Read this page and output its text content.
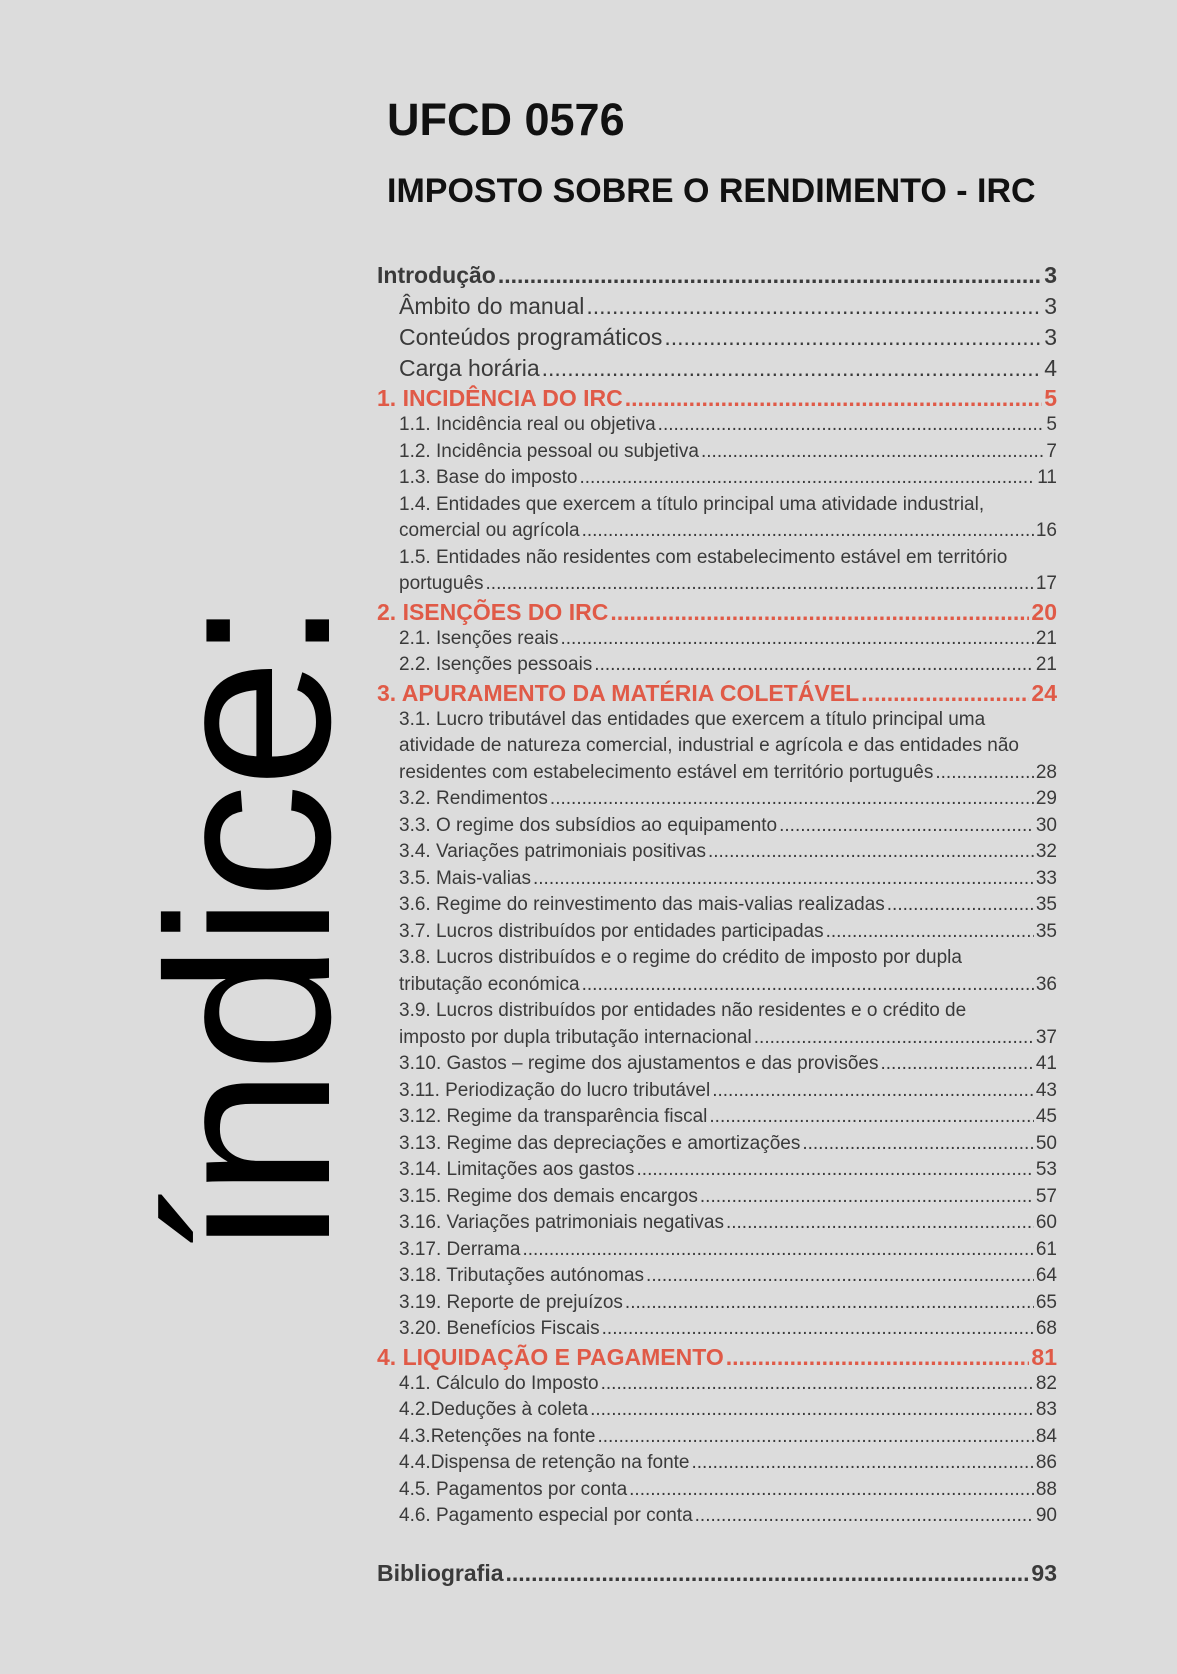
índice:
UFCD 0576
IMPOSTO SOBRE O RENDIMENTO - IRC
Introdução .....	3
Âmbito do manual .....	3
Conteúdos programáticos .....	3
Carga horária .....	4
1. INCIDÊNCIA DO IRC .....	5
1.1. Incidência real ou objetiva .....	5
1.2. Incidência pessoal ou subjetiva .....	7
1.3. Base do imposto .....	11
1.4. Entidades que exercem a título principal uma atividade industrial,
comercial ou agrícola .....	16
1.5. Entidades não residentes com estabelecimento estável em território
português .....	17
2. ISENÇÕES DO IRC .....	20
2.1. Isenções reais .....	21
2.2. Isenções pessoais .....	21
3. APURAMENTO DA MATÉRIA COLETÁVEL .....	24
3.1. Lucro tributável das entidades que exercem a título principal uma
atividade de natureza comercial, industrial e agrícola e das entidades não
residentes com estabelecimento estável em território português .....	28
3.2. Rendimentos .....	29
3.3. O regime dos subsídios ao equipamento .....	30
3.4. Variações patrimoniais positivas .....	32
3.5. Mais-valias .....	33
3.6. Regime do reinvestimento das mais-valias realizadas .....	35
3.7. Lucros distribuídos por entidades participadas .....	35
3.8. Lucros distribuídos e o regime do crédito de imposto por dupla
tributação económica .....	36
3.9. Lucros distribuídos por entidades não residentes e o crédito de
imposto por dupla tributação internacional .....	37
3.10. Gastos – regime dos ajustamentos e das provisões .....	41
3.11. Periodização do lucro tributável .....	43
3.12. Regime da transparência fiscal .....	45
3.13. Regime das depreciações e amortizações .....	50
3.14. Limitações aos gastos .....	53
3.15. Regime dos demais encargos .....	57
3.16. Variações patrimoniais negativas .....	60
3.17. Derrama .....	61
3.18. Tributações autónomas .....	64
3.19. Reporte de prejuízos .....	65
3.20. Benefícios Fiscais .....	68
4. LIQUIDAÇÃO E PAGAMENTO .....	81
4.1. Cálculo do Imposto .....	82
4.2.Deduções à coleta .....	83
4.3.Retenções na fonte .....	84
4.4.Dispensa de retenção na fonte .....	86
4.5. Pagamentos por conta .....	88
4.6. Pagamento especial por conta .....	90
Bibliografia .....	93
